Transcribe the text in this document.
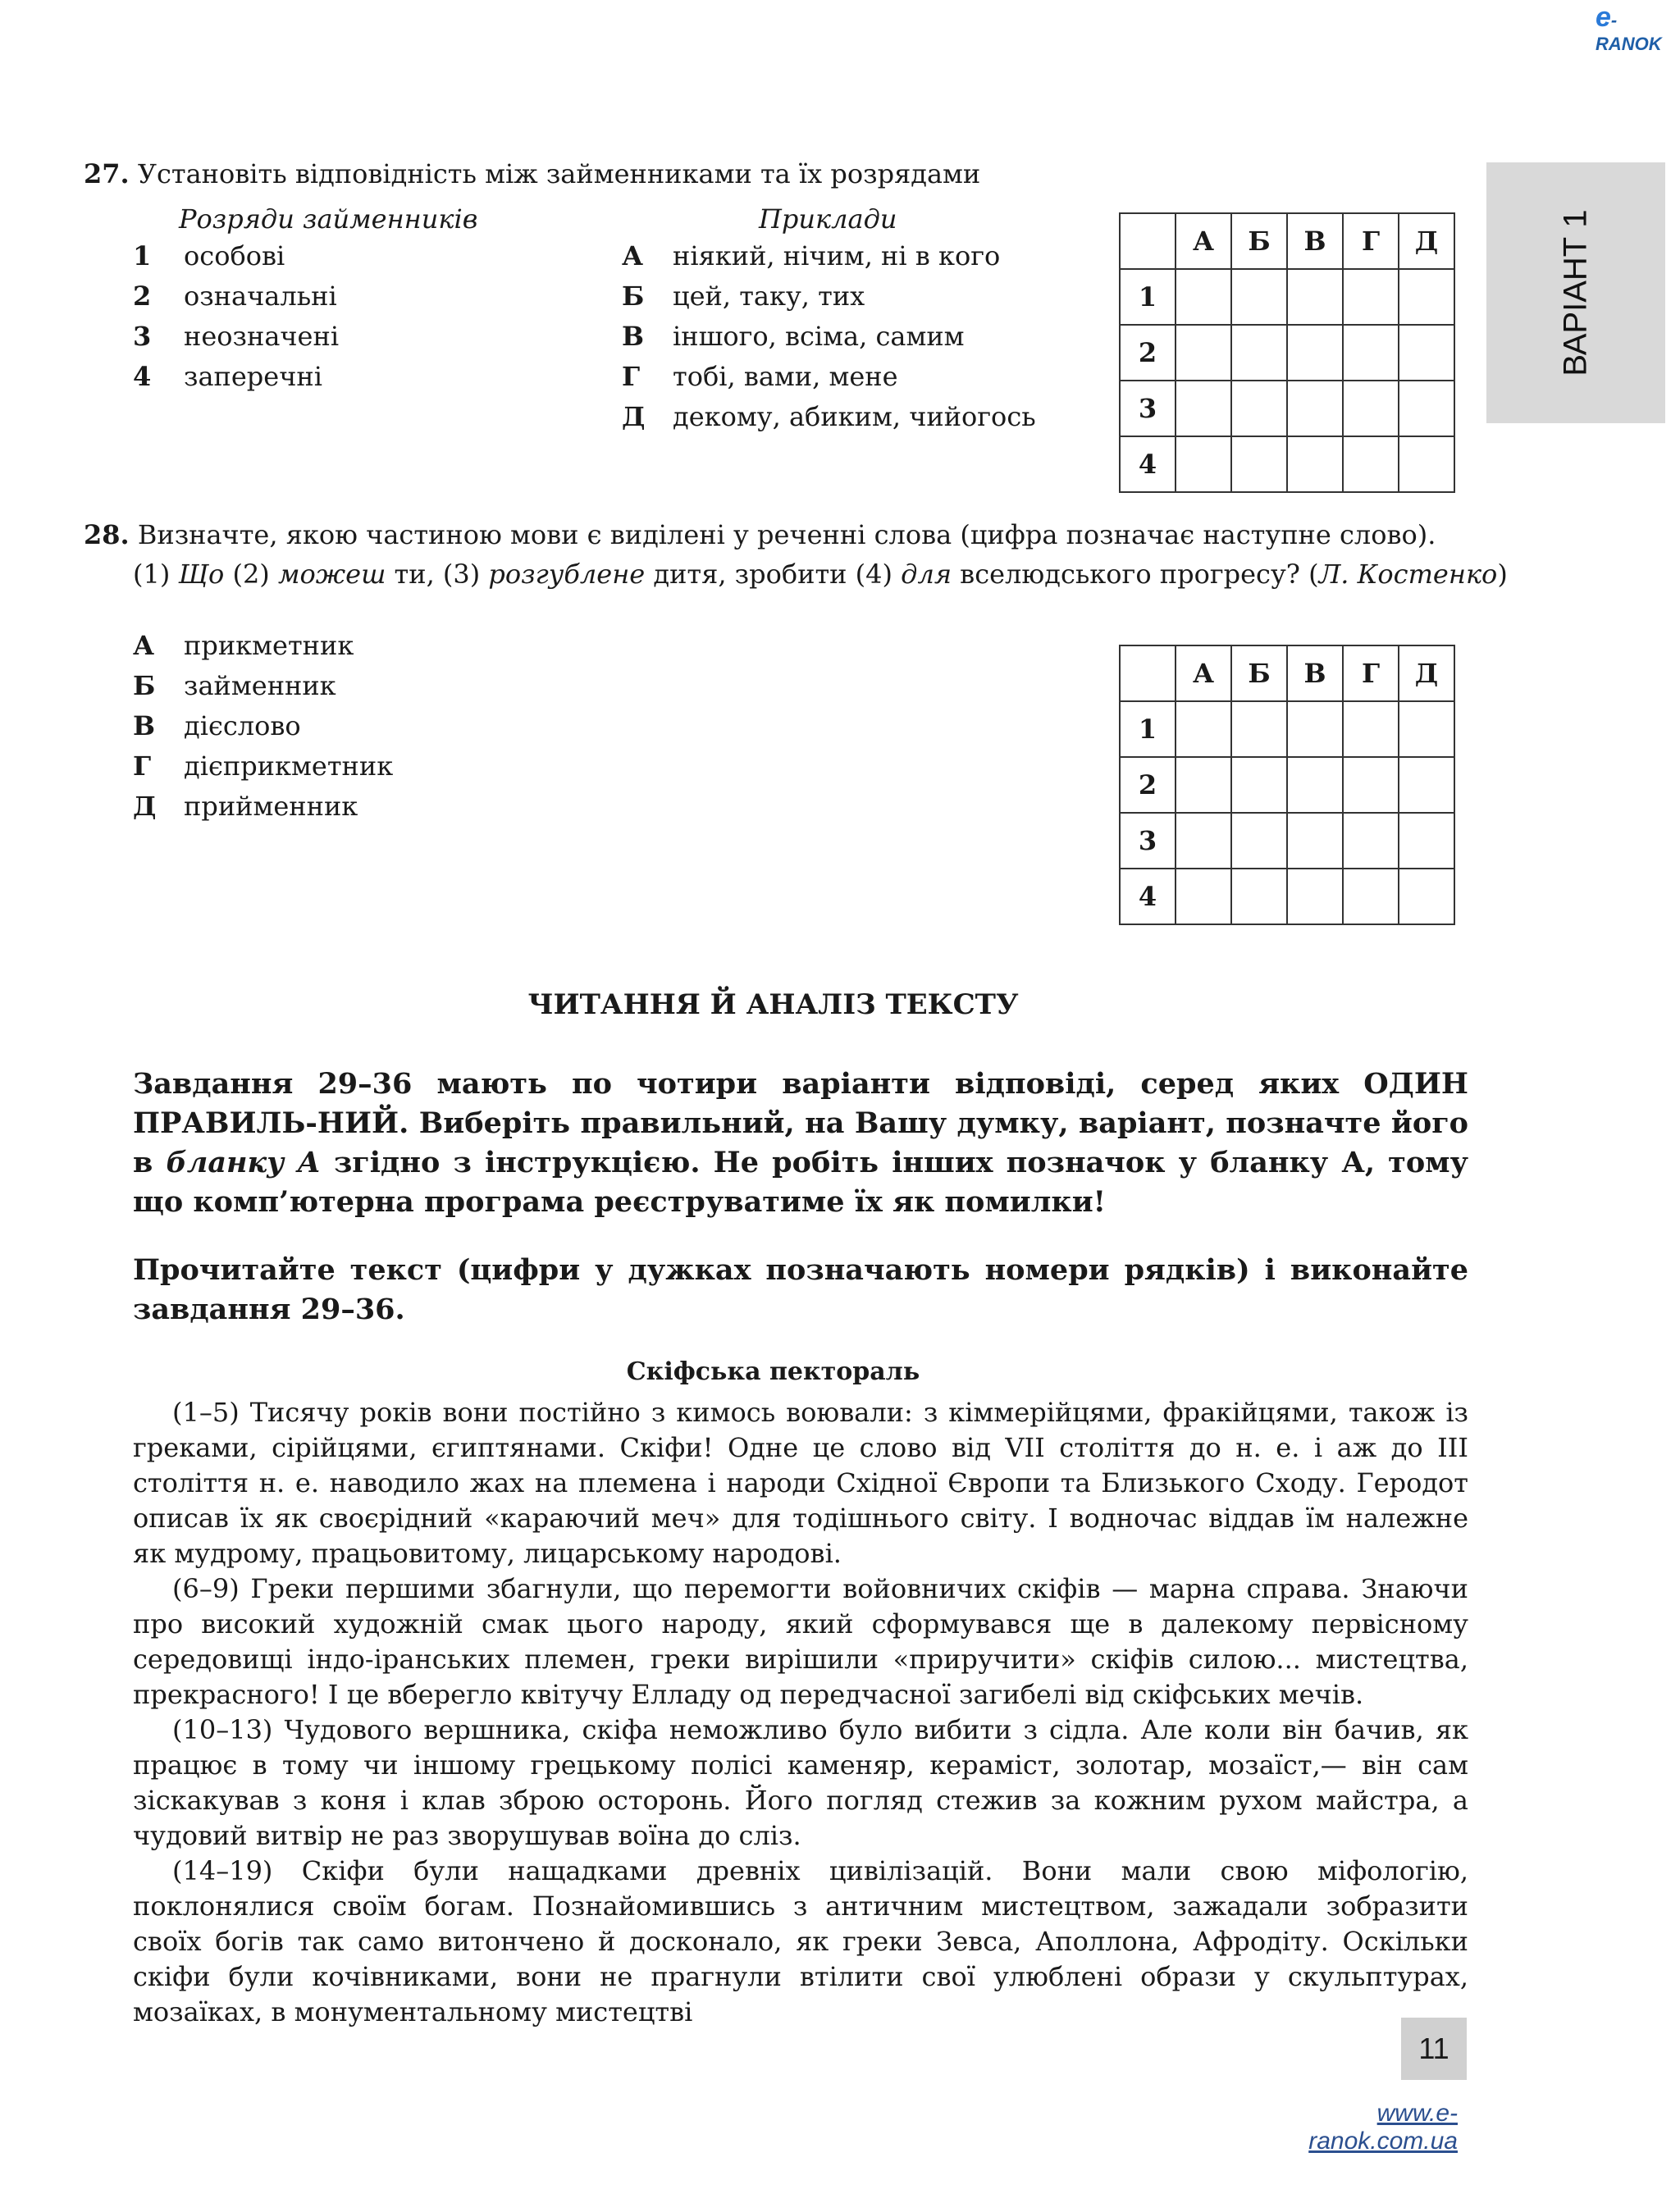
e-RANOK
ВАРІАНТ 1
27. Установіть відповідність між займенниками та їх розрядами
Розряди займенників	Приклади
1 особові
2 означальні
3 неозначені
4 заперечні
А ніякий, нічим, ні в кого
Б цей, таку, тих
В іншого, всіма, самим
Г тобі, вами, мене
Д декому, абиким, чийогось
	А	Б	В	Г	Д
1					
2					
3					
4					
28. Визначте, якою частиною мови є виділені у реченні слова (цифра позначає наступне слово).
(1) Що (2) можеш ти, (3) розгублене дитя, зробити (4) для вселюдського прогресу? (Л. Костенко)
А прикметник
Б займенник
В дієслово
Г дієприкметник
Д прийменник
	А	Б	В	Г	Д
1					
2					
3					
4					
ЧИТАННЯ Й АНАЛІЗ ТЕКСТУ
Завдання 29–36 мають по чотири варіанти відповіді, серед яких ОДИН ПРАВИЛЬ-НИЙ. Виберіть правильний, на Вашу думку, варіант, позначте його в бланку А згідно з інструкцією. Не робіть інших позначок у бланку А, тому що комп’ютерна програма реєструватиме їх як помилки!
Прочитайте текст (цифри у дужках позначають номери рядків) і виконайте завдання 29–36.
Скіфська пектораль

(1–5) Тисячу років вони постійно з кимось воювали: з кіммерійцями, фракійцями, також із греками, сірійцями, єгиптянами. Скіфи! Одне це слово від VII століття до н. е. і аж до ІІІ століття н. е. наводило жах на племена і народи Східної Європи та Близького Сходу. Геродот описав їх як своєрідний «караючий меч» для тодішнього світу. І водночас віддав їм належне як мудрому, працьовитому, лицарському народові.

(6–9) Греки першими збагнули, що перемогти войовничих скіфів — марна справа. Знаючи про високий художній смак цього народу, який сформувався ще в далекому первісному середовищі індо-іранських племен, греки вирішили «приручити» скіфів силою... мистецтва, прекрасного! І це вберегло квітучу Елладу од передчасної загибелі від скіфських мечів.

(10–13) Чудового вершника, скіфа неможливо було вибити з сідла. Але коли він бачив, як працює в тому чи іншому грецькому полісі каменяр, кераміст, золотар, мозаїст,— він сам зіскакував з коня і клав зброю осторонь. Його погляд стежив за кожним рухом майстра, а чудовий витвір не раз зворушував воїна до сліз.

(14–19) Скіфи були нащадками древніх цивілізацій. Вони мали свою міфологію, поклонялися своїм богам. Познайомившись з античним мистецтвом, зажадали зобразити своїх богів так само витончено й досконало, як греки Зевса, Аполлона, Афродіту. Оскільки скіфи були кочівниками, вони не прагнули втілити свої улюблені образи у скульптурах, мозаїках, в монументальному мистецтві

11
www.e-ranok.com.ua
